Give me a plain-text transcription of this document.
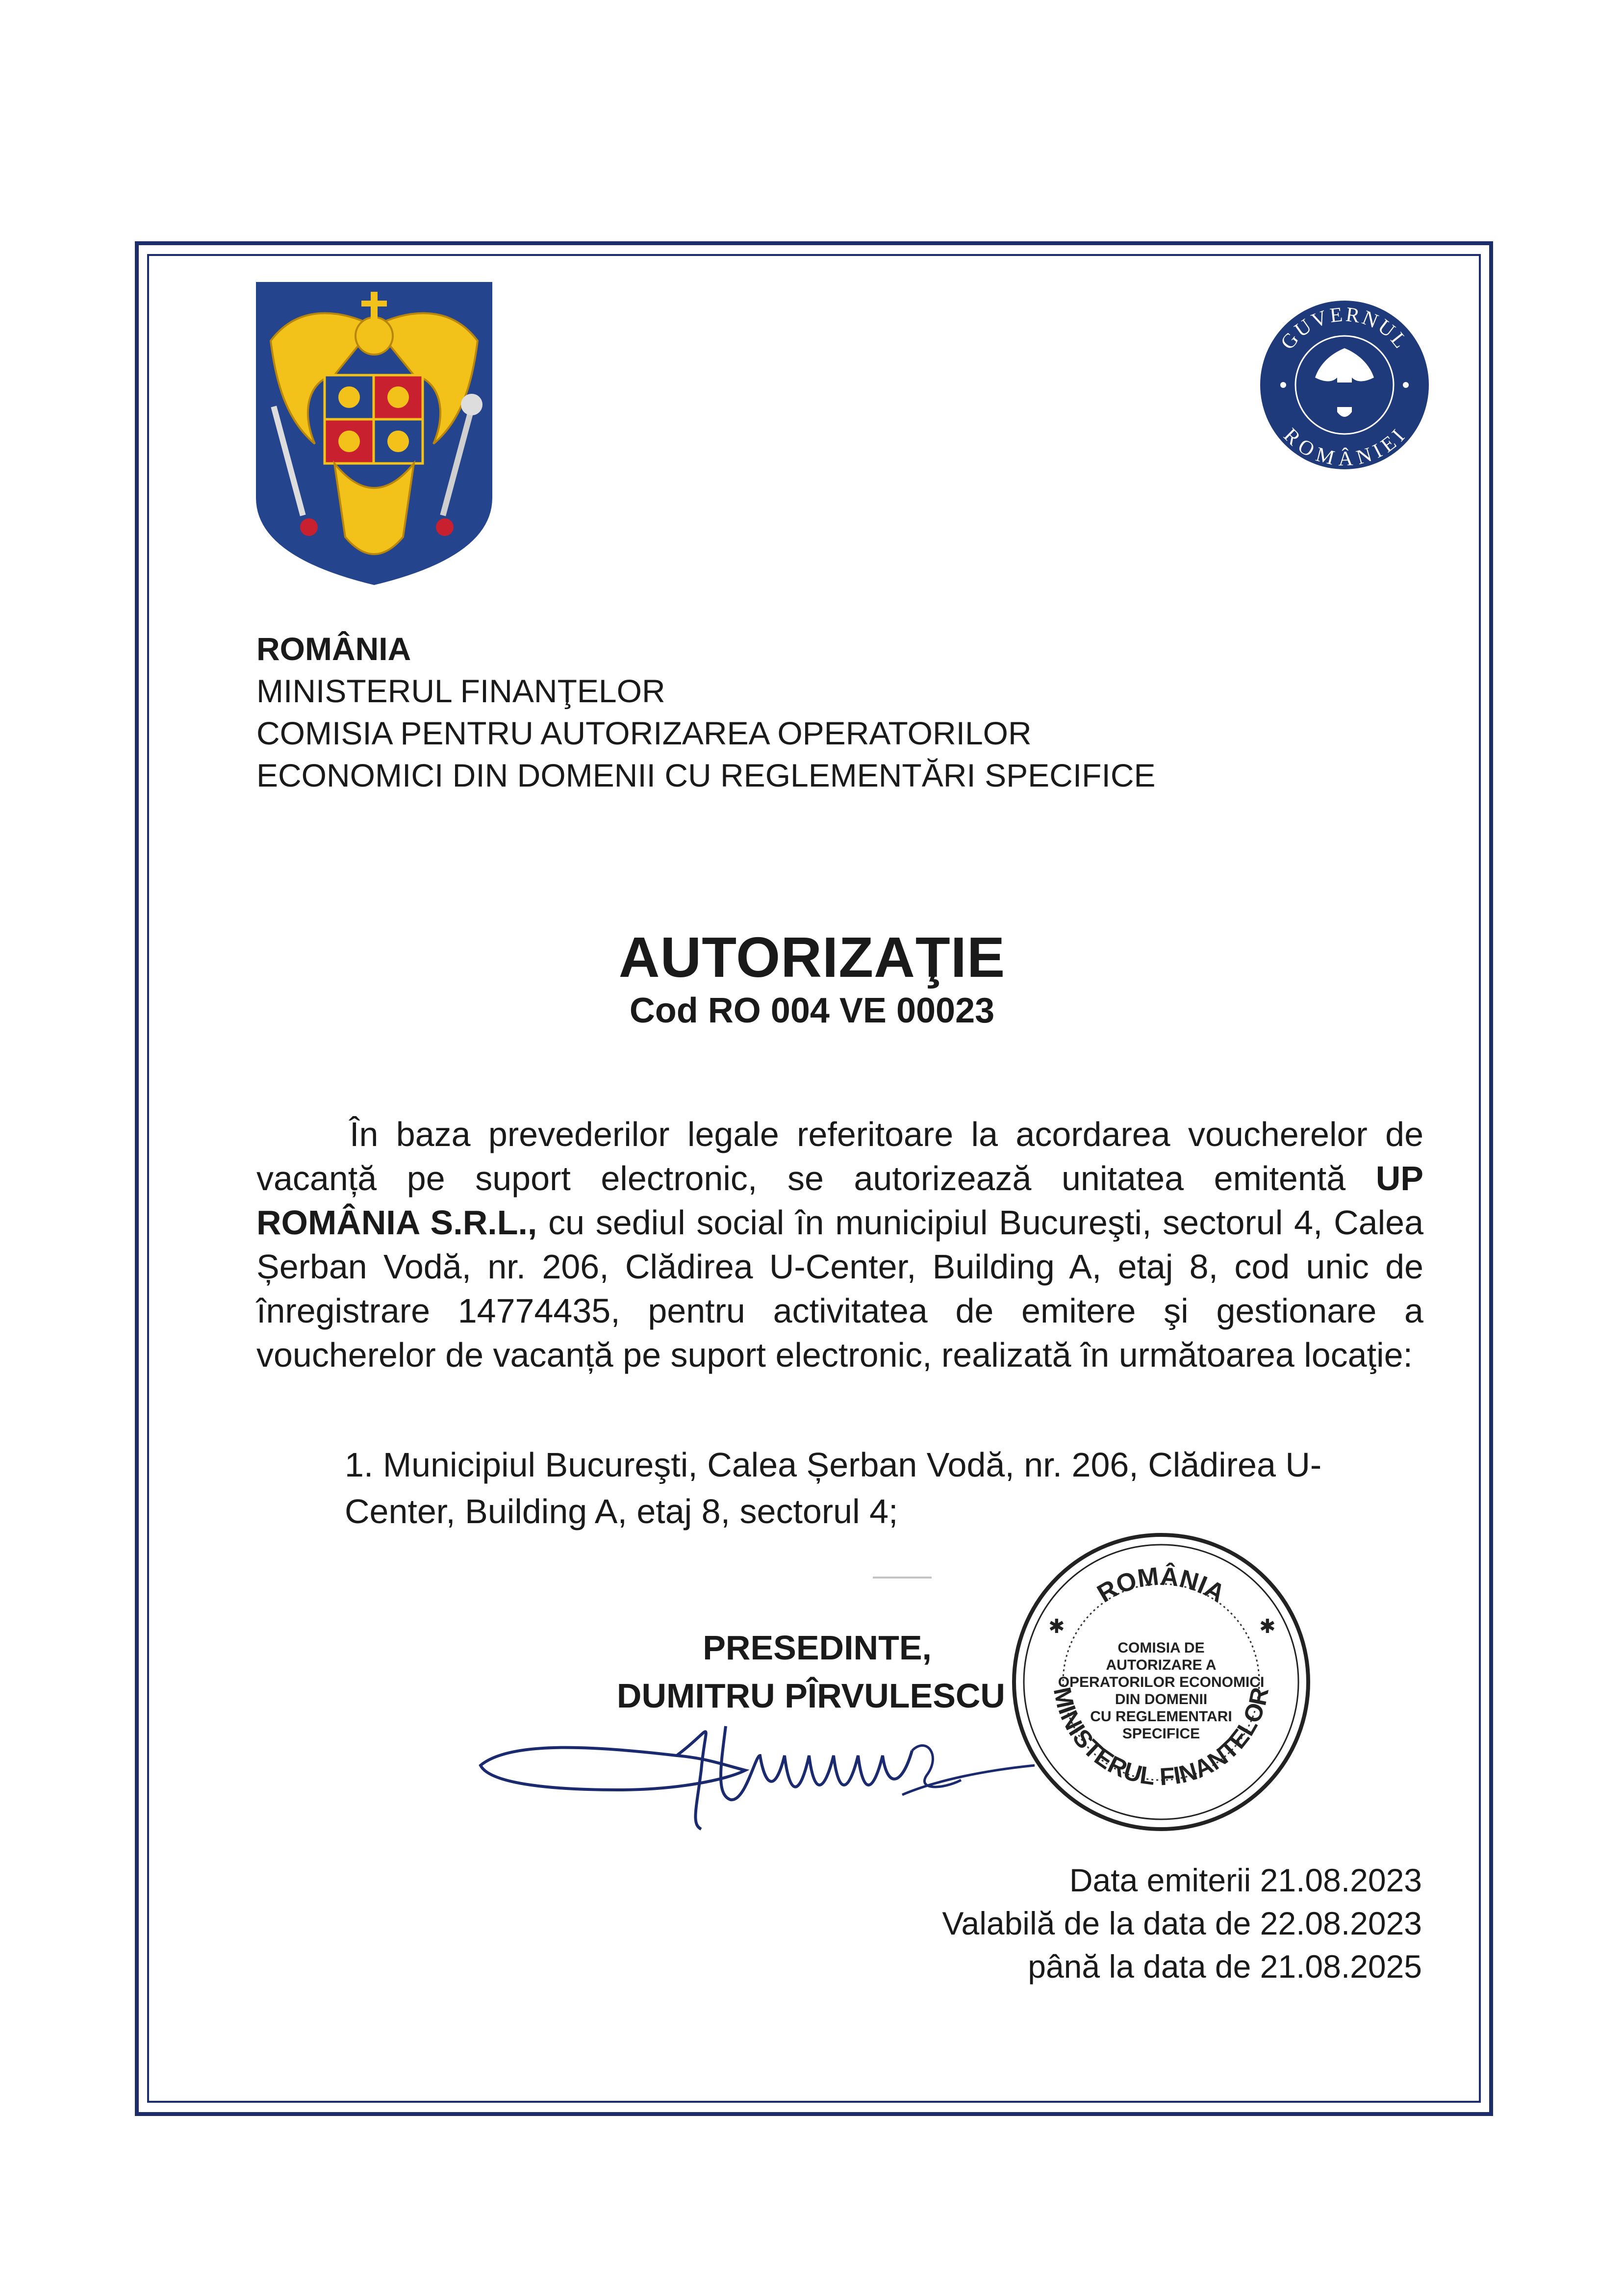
GUVERNUL
ROMÂNIEI
ROMÂNIA
MINISTERUL FINANŢELOR
COMISIA PENTRU AUTORIZAREA OPERATORILOR
ECONOMICI DIN DOMENII CU REGLEMENTĂRI SPECIFICE
AUTORIZAŢIE
Cod RO 004 VE 00023
În baza prevederilor legale referitoare la acordarea voucherelor de vacanță pe suport electronic, se autorizează unitatea emitentă UP ROMÂNIA S.R.L., cu sediul social în municipiul Bucureşti, sectorul 4, Calea Șerban Vodă, nr. 206, Clădirea U-Center, Building A, etaj 8, cod unic de înregistrare 14774435, pentru activitatea de emitere şi gestionare a voucherelor de vacanță pe suport electronic, realizată în următoarea locaţie:
1. Municipiul Bucureşti, Calea Șerban Vodă, nr. 206, Clădirea U-Center, Building A, etaj 8, sectorul 4;
PRESEDINTE,
DUMITRU PÎRVULESCU
ROMÂNIA
MINISTERUL FINANTELOR
COMISIA DE
AUTORIZARE A
OPERATORILOR ECONOMICI
DIN DOMENII
CU REGLEMENTARI
SPECIFICE
✱	✱
Data emiterii 21.08.2023
Valabilă de la data de 22.08.2023
până la data de 21.08.2025
